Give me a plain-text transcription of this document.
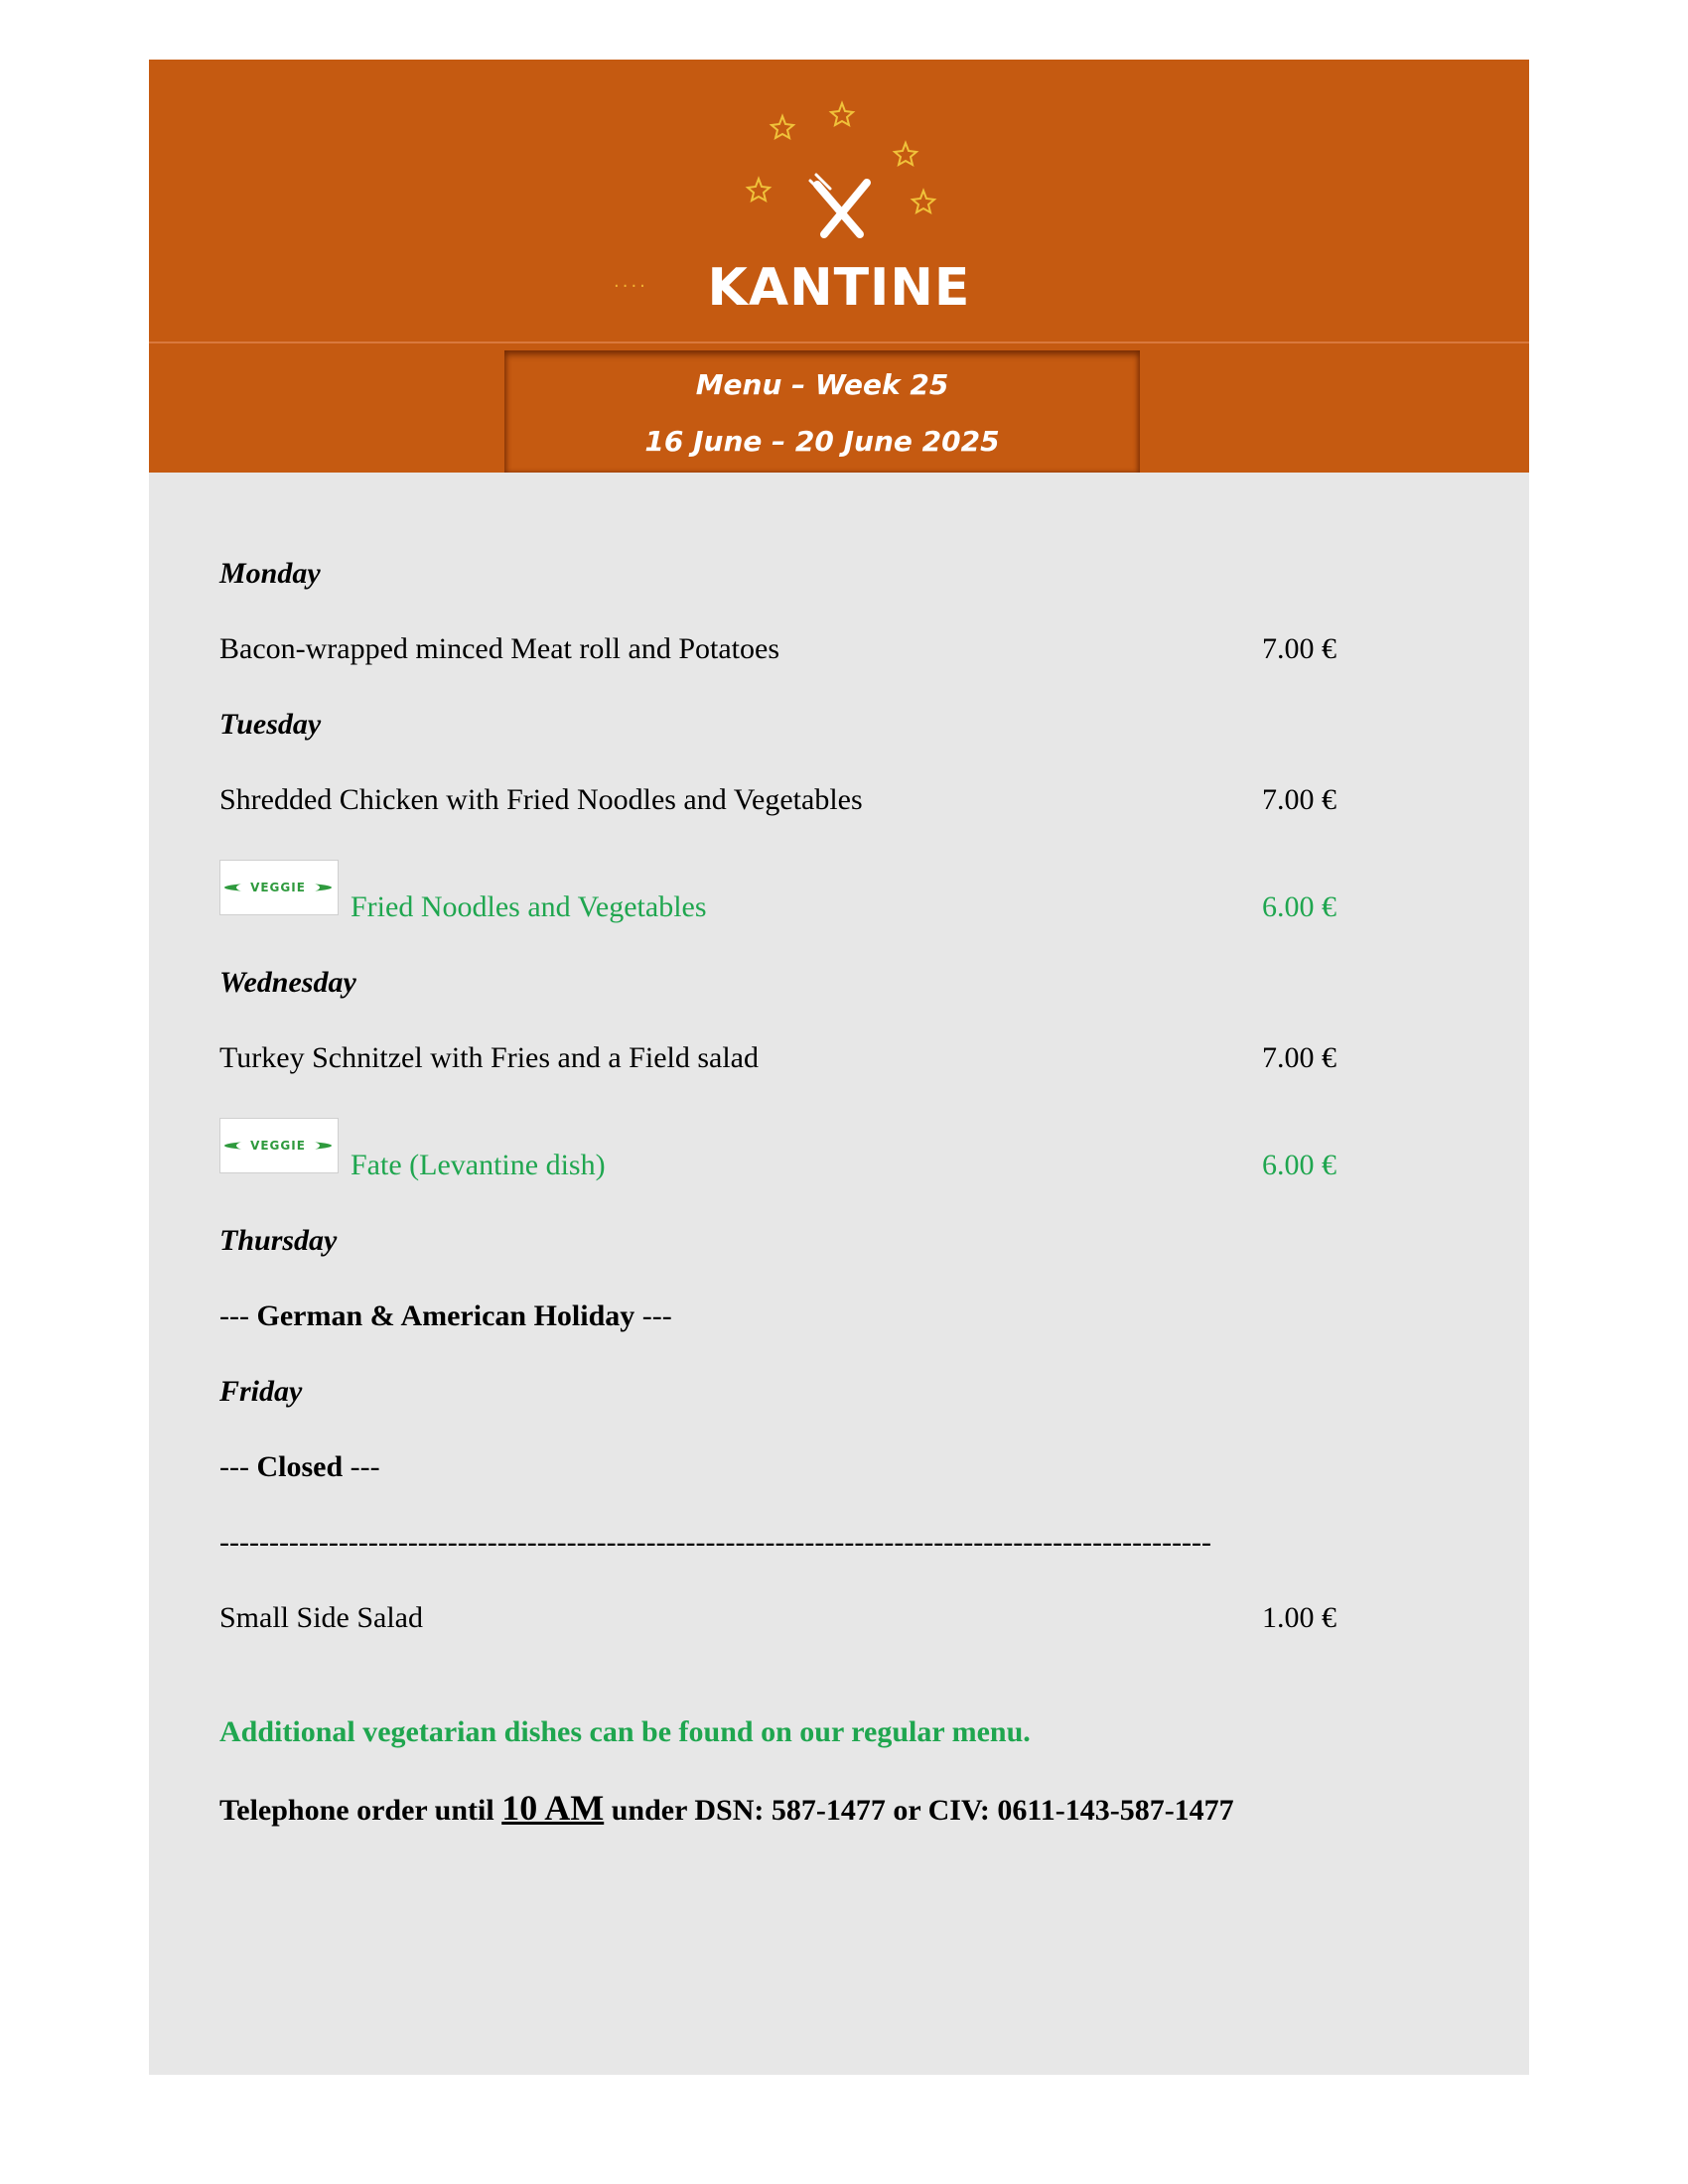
····	KANTINE
Menu – Week 25
16 June – 20 June 2025
Monday
Bacon-wrapped minced Meat roll and Potatoes	7.00 €
Tuesday
Shredded Chicken with Fried Noodles and Vegetables	7.00 €
VEGGIE
Fried Noodles and Vegetables	6.00 €
Wednesday
Turkey Schnitzel with Fries and a Field salad	7.00 €
VEGGIE
Fate (Levantine dish)	6.00 €
Thursday
--- German & American Holiday ---
Friday
--- Closed ---
----------------------------------------------------------------------------------------------------
Small Side Salad	1.00 €
Additional vegetarian dishes can be found on our regular menu.
Telephone order until 10 AM under DSN: 587-1477 or CIV: 0611-143-587-1477
